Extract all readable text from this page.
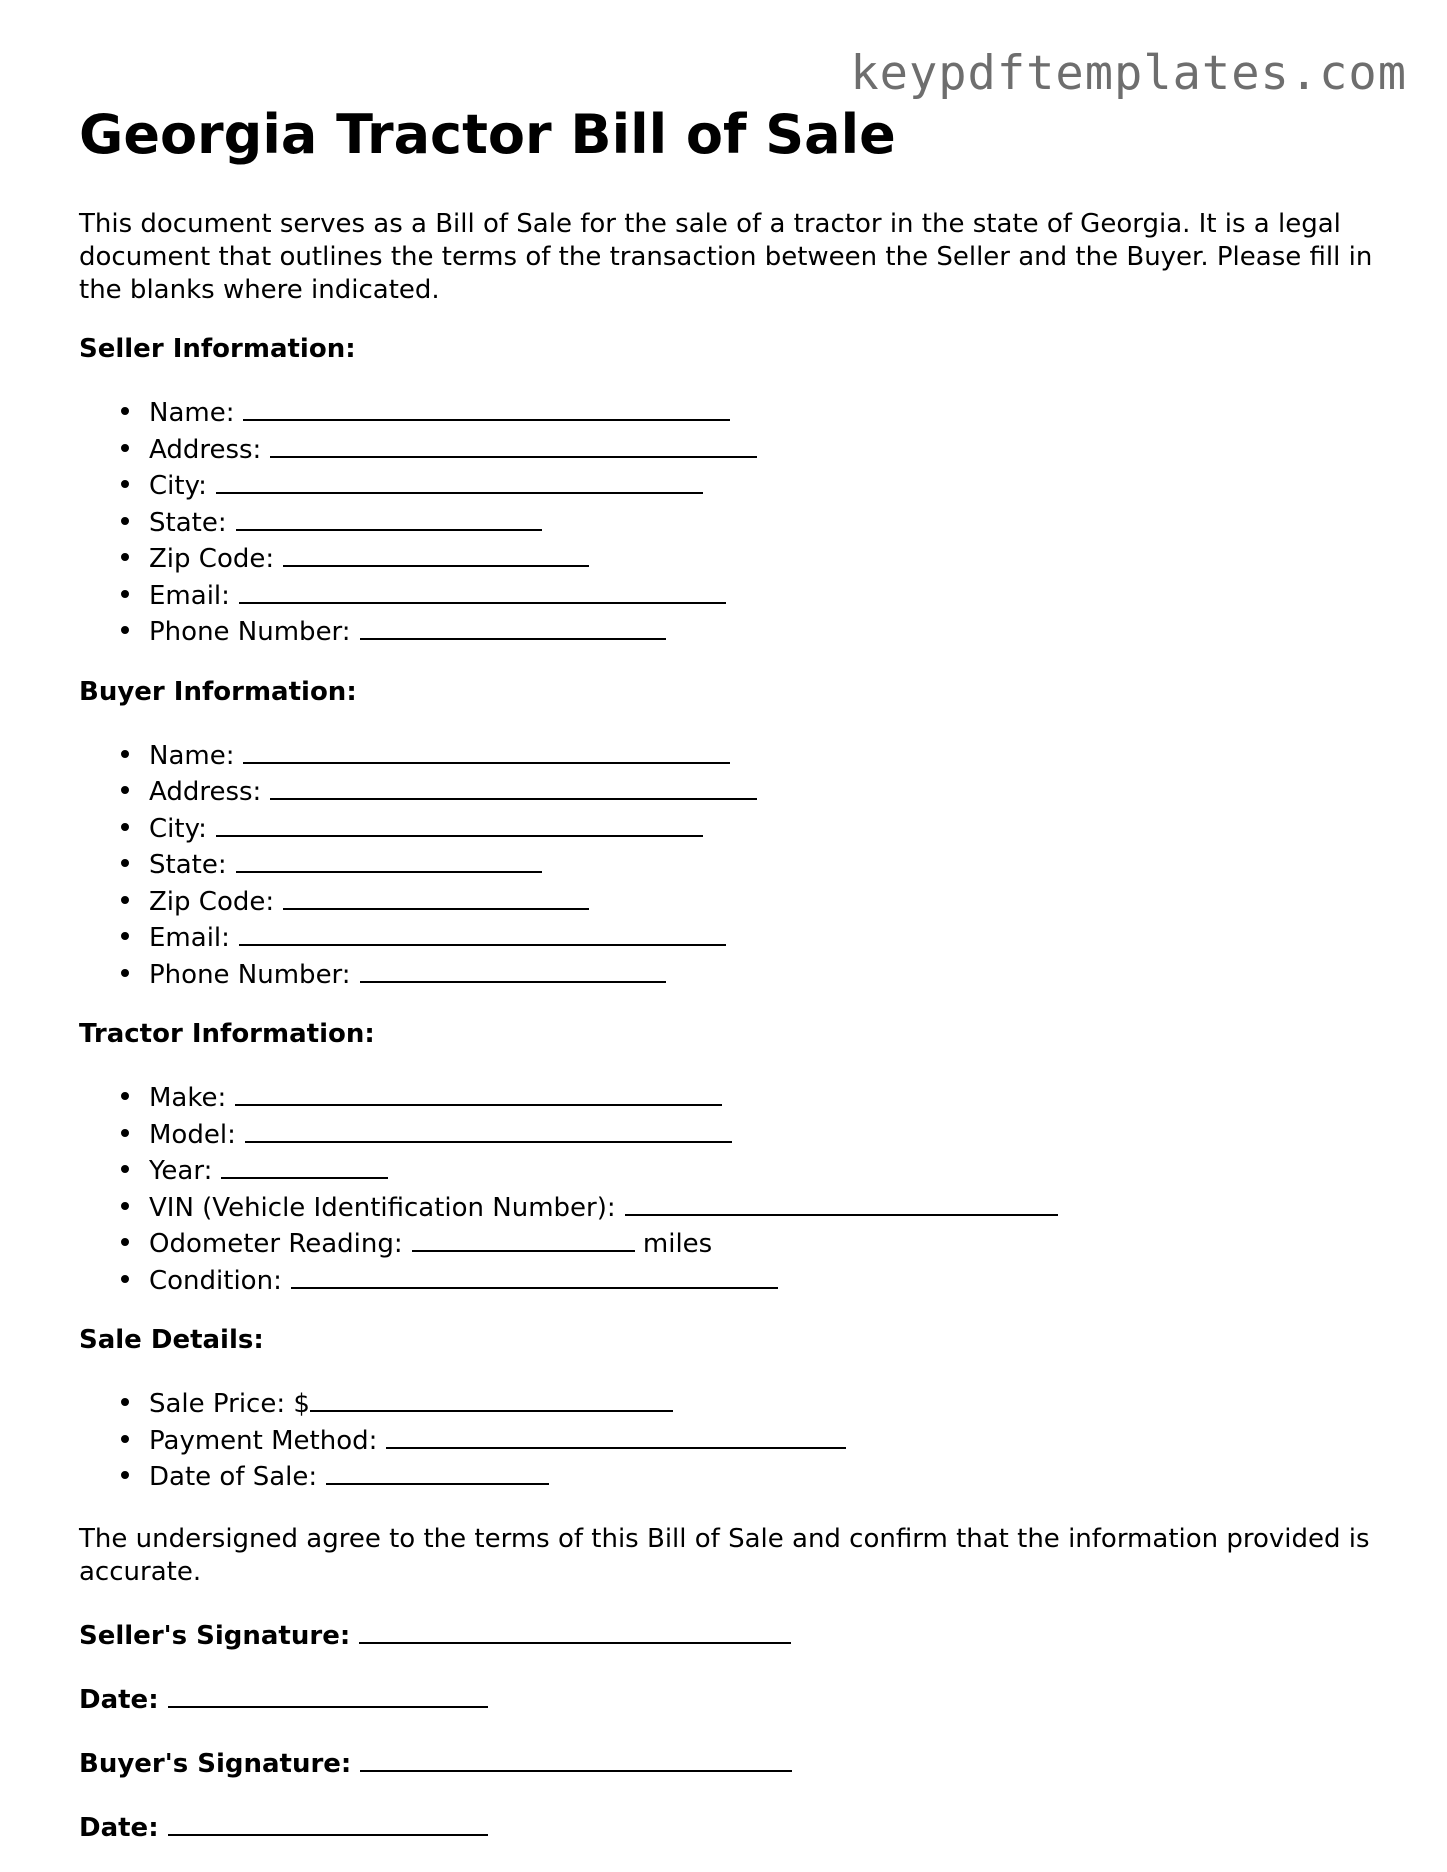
keypdftemplates.com
Georgia Tractor Bill of Sale

This document serves as a Bill of Sale for the sale of a tractor in the state of Georgia. It is a legal document that outlines the terms of the transaction between the Seller and the Buyer. Please fill in the blanks where indicated.

Seller Information:
Name:
Address:
City:
State:
Zip Code:
Email:
Phone Number:
Buyer Information:
Name:
Address:
City:
State:
Zip Code:
Email:
Phone Number:
Tractor Information:
Make:
Model:
Year:
VIN (Vehicle Identification Number):
Odometer Reading:	miles
Condition:
Sale Details:
Sale Price: $
Payment Method:
Date of Sale:

The undersigned agree to the terms of this Bill of Sale and confirm that the information provided is accurate.

Seller's Signature:
Date:
Buyer's Signature:
Date:
